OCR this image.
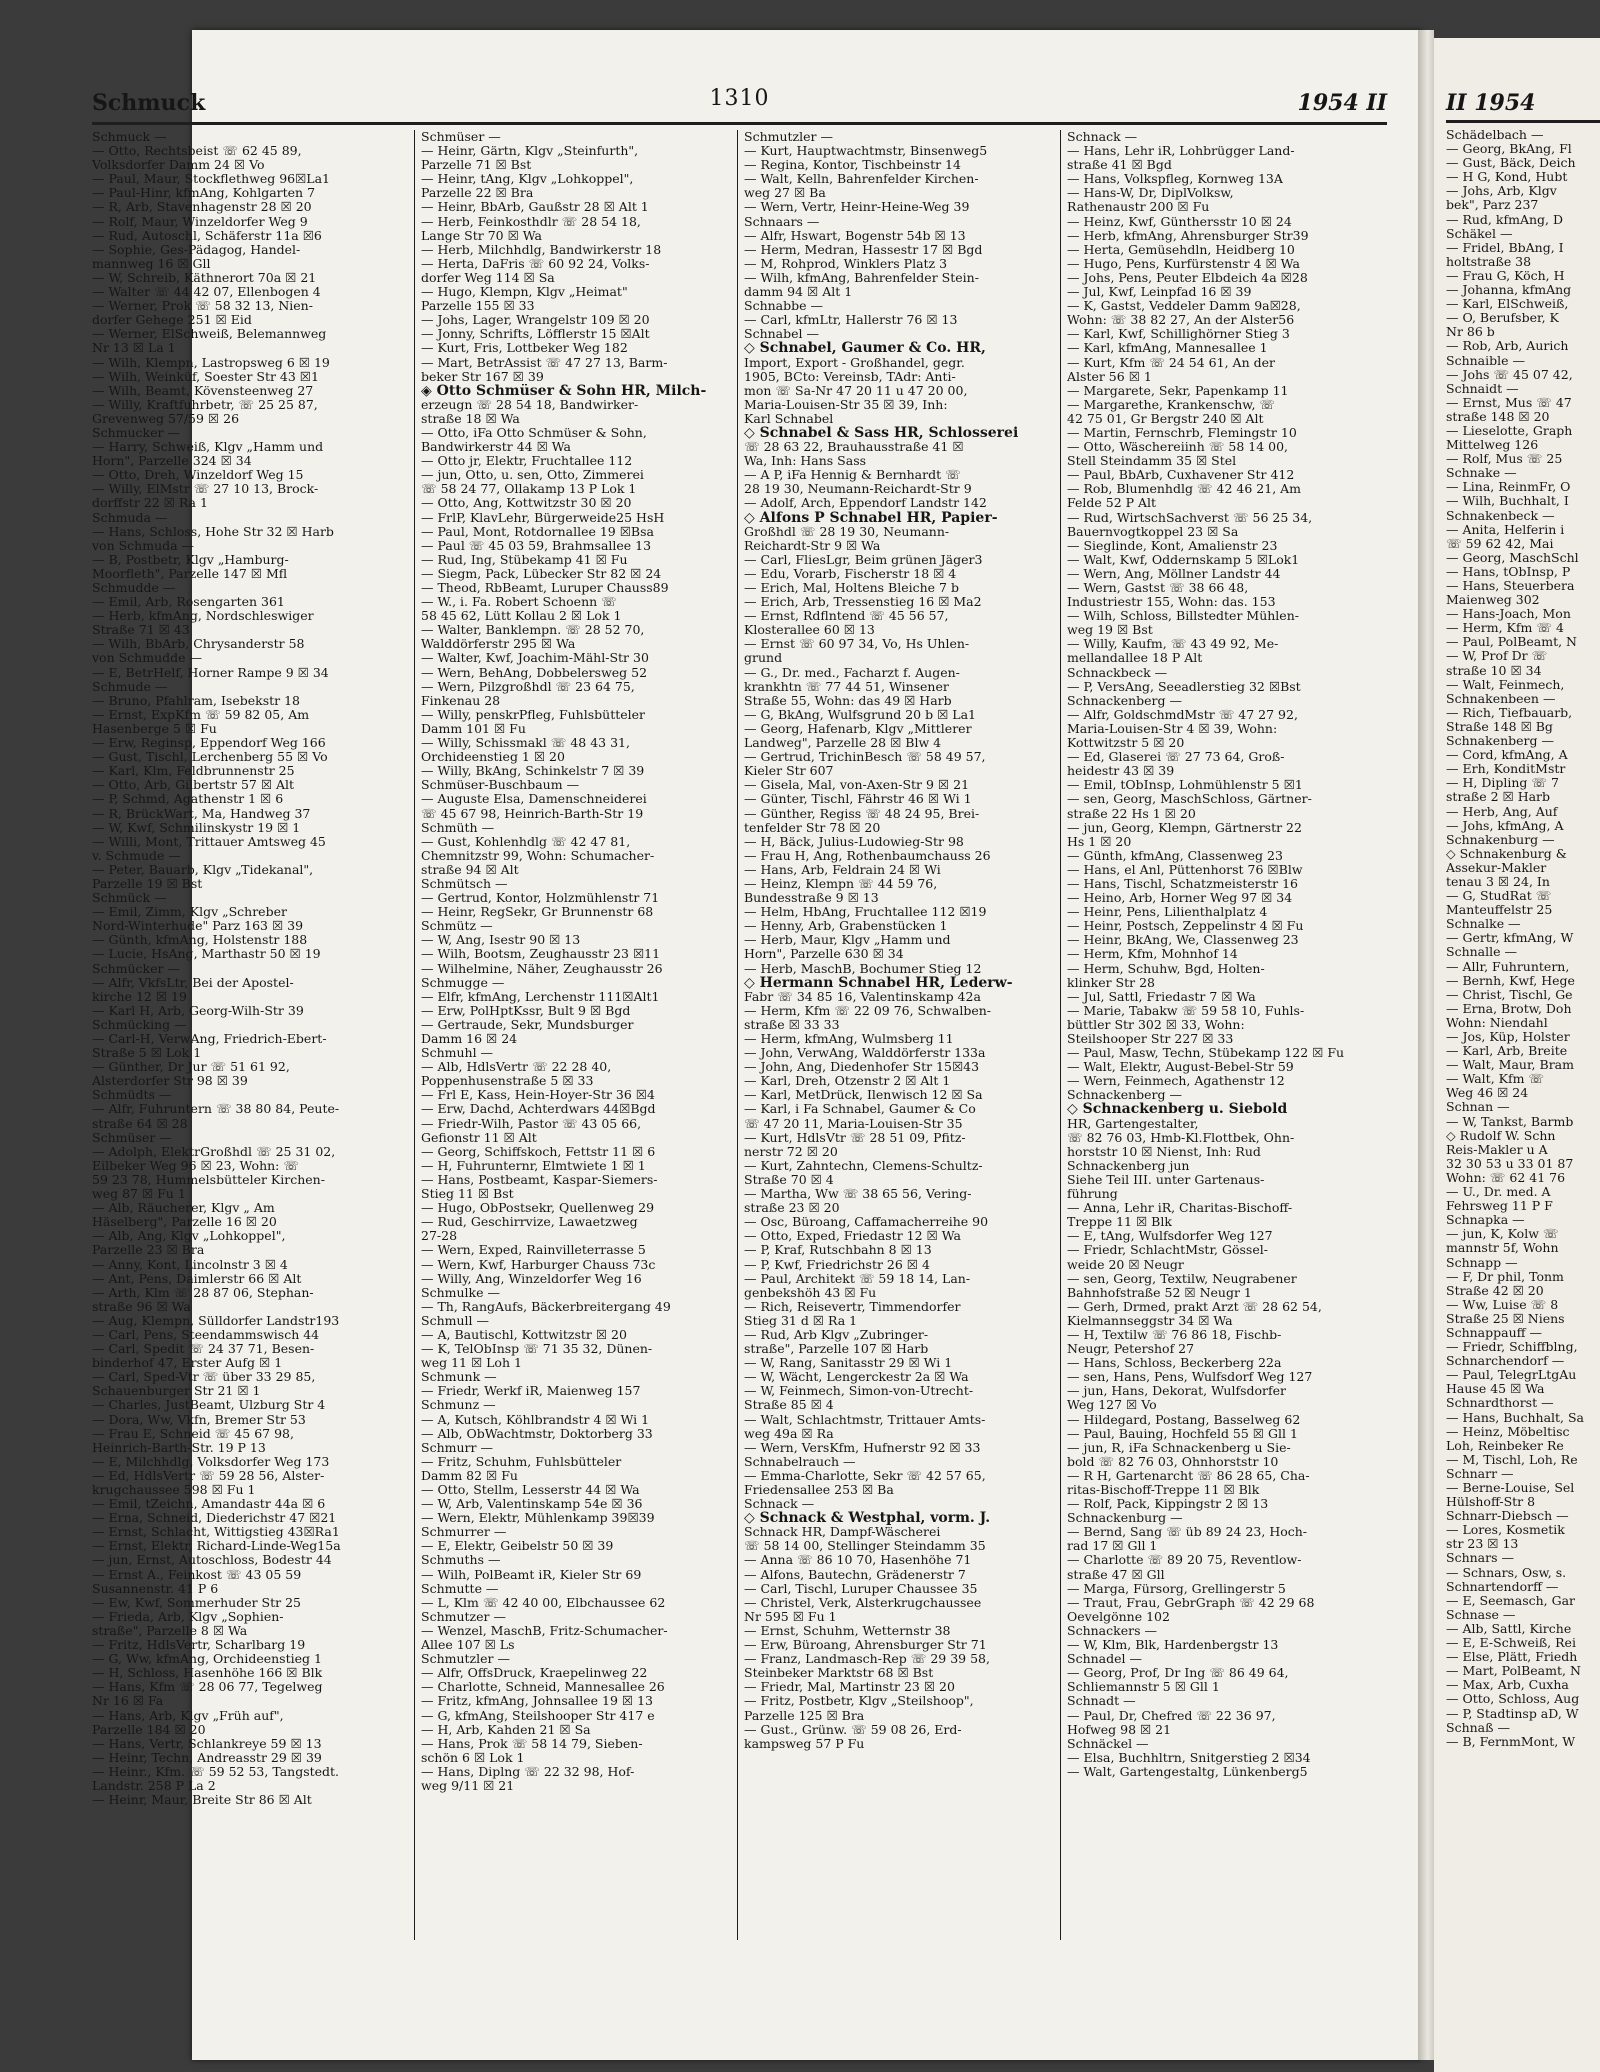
Schmuck	1310	1954 II
Schmuck —
— Otto, Rechtsbeist ☏ 62 45 89,
Volksdorfer Damm 24 ☒ Vo
— Paul, Maur, Stockflethweg 96☒La1
— Paul-Hinr, kfmAng, Kohlgarten 7
— R, Arb, Stavenhagenstr 28 ☒ 20
— Rolf, Maur, Winzeldorfer Weg 9
— Rud, Autoschl, Schäferstr 11a ☒6
— Sophie, Ges-Pädagog, Handel-
mannweg 16 ☒ Gll
— W, Schreib, Käthnerort 70a ☒ 21
— Walter ☏ 44 42 07, Ellenbogen 4
— Werner, Prok ☏ 58 32 13, Nien-
dorfer Gehege 251 ☒ Eid
— Werner, ElSchweiß, Belemannweg
Nr 13 ☒ La 1
— Wilh, Klempn, Lastropsweg 6 ☒ 19
— Wilh, Weinküf, Soester Str 43 ☒1
— Wilh, Beamt, Kövensteenweg 27
— Willy, Kraftfuhrbetr, ☏ 25 25 87,
Grevenweg 57/59 ☒ 26
Schmucker —
— Harry, Schweiß, Klgv „Hamm und
Horn", Parzelle 324 ☒ 34
— Otto, Dreh, Winzeldorf Weg 15
— Willy, ElMstr ☏ 27 10 13, Brock-
dorffstr 22 ☒ Ra 1
Schmuda —
— Hans, Schloss, Hohe Str 32 ☒ Harb
von Schmuda —
— B, Postbetr, Klgv „Hamburg-
Moorfleth", Parzelle 147 ☒ Mfl
Schmudde —
— Emil, Arb, Rosengarten 361
— Herb, kfmAng, Nordschleswiger
Straße 71 ☒ 43
— Wilh, BbArb, Chrysanderstr 58
von Schmudde —
— E, BetrHelf, Horner Rampe 9 ☒ 34
Schmude —
— Bruno, Pfahlram, Isebekstr 18
— Ernst, ExpKfm ☏ 59 82 05, Am
Hasenberge 5 ☒ Fu
— Erw, Reginsp, Eppendorf Weg 166
— Gust, Tischl, Lerchenberg 55 ☒ Vo
— Karl, Klm, Feldbrunnenstr 25
— Otto, Arb, Gilbertstr 57 ☒ Alt
— P, Schmd, Agathenstr 1 ☒ 6
— R, BrückWart, Ma, Handweg 37
— W, Kwf, Schmilinskystr 19 ☒ 1
— Willi, Mont, Trittauer Amtsweg 45
v. Schmude —
— Peter, Bauarb, Klgv „Tidekanal",
Parzelle 19 ☒ Bst
Schmück —
— Emil, Zimm, Klgv „Schreber
Nord-Winterhude" Parz 163 ☒ 39
— Günth, kfmAng, Holstenstr 188
— Lucie, HsAng, Marthastr 50 ☒ 19
Schmücker —
— Alfr, VkfsLtr, Bei der Apostel-
kirche 12 ☒ 19
— Karl H, Arb, Georg-Wilh-Str 39
Schmücking —
— Carl-H, VerwAng, Friedrich-Ebert-
Straße 5 ☒ Lok 1
— Günther, Dr Jur ☏ 51 61 92,
Alsterdorfer Str 98 ☒ 39
Schmüdts —
— Alfr, Fuhruntern ☏ 38 80 84, Peute-
straße 64 ☒ 28
Schmüser —
— Adolph, ElektrGroßhdl ☏ 25 31 02,
Eilbeker Weg 96 ☒ 23, Wohn: ☏
59 23 78, Hummelsbütteler Kirchen-
weg 87 ☒ Fu 1
— Alb, Räucherer, Klgv „ Am
Häselberg", Parzelle 16 ☒ 20
— Alb, Ang, Klgv „Lohkoppel",
Parzelle 23 ☒ Bra
— Anny, Kont, Lincolnstr 3 ☒ 4
— Ant, Pens, Daimlerstr 66 ☒ Alt
— Arth, Klm ☏ 28 87 06, Stephan-
straße 96 ☒ Wa
— Aug, Klempn, Sülldorfer Landstr193
— Carl, Pens, Steendammswisch 44
— Carl, Spedit ☏ 24 37 71, Besen-
binderhof 47, Erster Aufg ☒ 1
— Carl, Sped-Vtr ☏ über 33 29 85,
Schauenburger Str 21 ☒ 1
— Charles, JustBeamt, Ulzburg Str 4
— Dora, Ww, Vkfn, Bremer Str 53
— Frau E, Schneid ☏ 45 67 98,
Heinrich-Barth-Str. 19 P 13
— E, Milchhdlg, Volksdorfer Weg 173
— Ed, HdlsVertr ☏ 59 28 56, Alster-
krugchaussee 598 ☒ Fu 1
— Emil, tZeichn, Amandastr 44a ☒ 6
— Erna, Schneid, Diederichstr 47 ☒21
— Ernst, Schlacht, Wittigstieg 43☒Ra1
— Ernst, Elektr, Richard-Linde-Weg15a
— jun, Ernst, Autoschloss, Bodestr 44
— Ernst A., Feinkost ☏ 43 05 59
Susannenstr. 41 P 6
— Ew, Kwf, Sommerhuder Str 25
— Frieda, Arb, Klgv „Sophien-
straße", Parzelle 8 ☒ Wa
— Fritz, HdlsVertr, Scharlbarg 19
— G, Ww, kfmAng, Orchideenstieg 1
— H, Schloss, Hasenhöhe 166 ☒ Blk
— Hans, Kfm ☏ 28 06 77, Tegelweg
Nr 16 ☒ Fa
— Hans, Arb, Klgv „Früh auf",
Parzelle 184 ☒ 20
— Hans, Vertr, Schlankreye 59 ☒ 13
— Heinr, Techn, Andreasstr 29 ☒ 39
— Heinr., Kfm. ☏ 59 52 53, Tangstedt.
Landstr. 258 P La 2
— Heinr, Maur, Breite Str 86 ☒ Alt
Schmüser —
— Heinr, Gärtn, Klgv „Steinfurth",
Parzelle 71 ☒ Bst
— Heinr, tAng, Klgv „Lohkoppel",
Parzelle 22 ☒ Bra
— Heinr, BbArb, Gaußstr 28 ☒ Alt 1
— Herb, Feinkosthdlr ☏ 28 54 18,
Lange Str 70 ☒ Wa
— Herb, Milchhdlg, Bandwirkerstr 18
— Herta, DaFris ☏ 60 92 24, Volks-
dorfer Weg 114 ☒ Sa
— Hugo, Klempn, Klgv „Heimat"
Parzelle 155 ☒ 33
— Johs, Lager, Wrangelstr 109 ☒ 20
— Jonny, Schrifts, Löfflerstr 15 ☒Alt
— Kurt, Fris, Lottbeker Weg 182
— Mart, BetrAssist ☏ 47 27 13, Barm-
beker Str 167 ☒ 39
◈ Otto Schmüser & Sohn HR, Milch-
erzeugn ☏ 28 54 18, Bandwirker-
straße 18 ☒ Wa
— Otto, iFa Otto Schmüser & Sohn,
Bandwirkerstr 44 ☒ Wa
— Otto jr, Elektr, Fruchtallee 112
— jun, Otto, u. sen, Otto, Zimmerei
☏ 58 24 77, Ollakamp 13 P Lok 1
— Otto, Ang, Kottwitzstr 30 ☒ 20
— FrlP, KlavLehr, Bürgerweide25 HsH
— Paul, Mont, Rotdornallee 19 ☒Bsa
— Paul ☏ 45 03 59, Brahmsallee 13
— Rud, Ing, Stübekamp 41 ☒ Fu
— Siegm, Pack, Lübecker Str 82 ☒ 24
— Theod, RbBeamt, Luruper Chauss89
— W., i. Fa. Robert Schoenn ☏
58 45 62, Lütt Kollau 2 ☒ Lok 1
— Walter, Banklempn. ☏ 28 52 70,
Walddörferstr 295 ☒ Wa
— Walter, Kwf, Joachim-Mähl-Str 30
— Wern, BehAng, Dobbelersweg 52
— Wern, Pilzgroßhdl ☏ 23 64 75,
Finkenau 28
— Willy, penskrPfleg, Fuhlsbütteler
Damm 101 ☒ Fu
— Willy, Schissmakl ☏ 48 43 31,
Orchideenstieg 1 ☒ 20
— Willy, BkAng, Schinkelstr 7 ☒ 39
Schmüser-Buschbaum —
— Auguste Elsa, Damenschneiderei
☏ 45 67 98, Heinrich-Barth-Str 19
Schmüth —
— Gust, Kohlenhdlg ☏ 42 47 81,
Chemnitzstr 99, Wohn: Schumacher-
straße 94 ☒ Alt
Schmütsch —
— Gertrud, Kontor, Holzmühlenstr 71
— Heinr, RegSekr, Gr Brunnenstr 68
Schmütz —
— W, Ang, Isestr 90 ☒ 13
— Wilh, Bootsm, Zeughausstr 23 ☒11
— Wilhelmine, Näher, Zeughausstr 26
Schmugge —
— Elfr, kfmAng, Lerchenstr 111☒Alt1
— Erw, PolHptKssr, Bult 9 ☒ Bgd
— Gertraude, Sekr, Mundsburger
Damm 16 ☒ 24
Schmuhl —
— Alb, HdlsVertr ☏ 22 28 40,
Poppenhusenstraße 5 ☒ 33
— Frl E, Kass, Hein-Hoyer-Str 36 ☒4
— Erw, Dachd, Achterdwars 44☒Bgd
— Friedr-Wilh, Pastor ☏ 43 05 66,
Gefionstr 11 ☒ Alt
— Georg, Schiffskoch, Fettstr 11 ☒ 6
— H, Fuhrunternr, Elmtwiete 1 ☒ 1
— Hans, Postbeamt, Kaspar-Siemers-
Stieg 11 ☒ Bst
— Hugo, ObPostsekr, Quellenweg 29
— Rud, Geschirrvize, Lawaetzweg
27-28
— Wern, Exped, Rainvilleterrasse 5
— Wern, Kwf, Harburger Chauss 73c
— Willy, Ang, Winzeldorfer Weg 16
Schmulke —
— Th, RangAufs, Bäckerbreitergang 49
Schmull —
— A, Bautischl, Kottwitzstr ☒ 20
— K, TelObInsp ☏ 71 35 32, Dünen-
weg 11 ☒ Loh 1
Schmunk —
— Friedr, Werkf iR, Maienweg 157
Schmunz —
— A, Kutsch, Köhlbrandstr 4 ☒ Wi 1
— Alb, ObWachtmstr, Doktorberg 33
Schmurr —
— Fritz, Schuhm, Fuhlsbütteler
Damm 82 ☒ Fu
— Otto, Stellm, Lesserstr 44 ☒ Wa
— W, Arb, Valentinskamp 54e ☒ 36
— Wern, Elektr, Mühlenkamp 39☒39
Schmurrer —
— E, Elektr, Geibelstr 50 ☒ 39
Schmuths —
— Wilh, PolBeamt iR, Kieler Str 69
Schmutte —
— L, Klm ☏ 42 40 00, Elbchaussee 62
Schmutzer —
— Wenzel, MaschB, Fritz-Schumacher-
Allee 107 ☒ Ls
Schmutzler —
— Alfr, OffsDruck, Kraepelinweg 22
— Charlotte, Schneid, Mannesallee 26
— Fritz, kfmAng, Johnsallee 19 ☒ 13
— G, kfmAng, Steilshooper Str 417 e
— H, Arb, Kahden 21 ☒ Sa
— Hans, Prok ☏ 58 14 79, Sieben-
schön 6 ☒ Lok 1
— Hans, Diplng ☏ 22 32 98, Hof-
weg 9/11 ☒ 21
Schmutzler —
— Kurt, Hauptwachtmstr, Binsenweg5
— Regina, Kontor, Tischbeinstr 14
— Walt, Kelln, Bahrenfelder Kirchen-
weg 27 ☒ Ba
— Wern, Vertr, Heinr-Heine-Weg 39
Schnaars —
— Alfr, Hswart, Bogenstr 54b ☒ 13
— Herm, Medran, Hassestr 17 ☒ Bgd
— M, Rohprod, Winklers Platz 3
— Wilh, kfmAng, Bahrenfelder Stein-
damm 94 ☒ Alt 1
Schnabbe —
— Carl, kfmLtr, Hallerstr 76 ☒ 13
Schnabel —
◇ Schnabel, Gaumer & Co. HR,
Import, Export - Großhandel, gegr.
1905, BCto: Vereinsb, TAdr: Anti-
mon ☏ Sa-Nr 47 20 11 u 47 20 00,
Maria-Louisen-Str 35 ☒ 39, Inh:
Karl Schnabel
◇ Schnabel & Sass HR, Schlosserei
☏ 28 63 22, Brauhausstraße 41 ☒
Wa, Inh: Hans Sass
— A P, iFa Hennig & Bernhardt ☏
28 19 30, Neumann-Reichardt-Str 9
— Adolf, Arch, Eppendorf Landstr 142
◇ Alfons P Schnabel HR, Papier-
Großhdl ☏ 28 19 30, Neumann-
Reichardt-Str 9 ☒ Wa
— Carl, FliesLgr, Beim grünen Jäger3
— Edu, Vorarb, Fischerstr 18 ☒ 4
— Erich, Mal, Holtens Bleiche 7 b
— Erich, Arb, Tressenstieg 16 ☒ Ma2
— Ernst, Rdflntend ☏ 45 56 57,
Klosterallee 60 ☒ 13
— Ernst ☏ 60 97 34, Vo, Hs Uhlen-
grund
— G., Dr. med., Facharzt f. Augen-
krankhtn ☏ 77 44 51, Winsener
Straße 55, Wohn: das 49 ☒ Harb
— G, BkAng, Wulfsgrund 20 b ☒ La1
— Georg, Hafenarb, Klgv „Mittlerer
Landweg", Parzelle 28 ☒ Blw 4
— Gertrud, TrichinBesch ☏ 58 49 57,
Kieler Str 607
— Gisela, Mal, von-Axen-Str 9 ☒ 21
— Günter, Tischl, Fährstr 46 ☒ Wi 1
— Günther, Regiss ☏ 48 24 95, Brei-
tenfelder Str 78 ☒ 20
— H, Bäck, Julius-Ludowieg-Str 98
— Frau H, Ang, Rothenbaumchauss 26
— Hans, Arb, Feldrain 24 ☒ Wi
— Heinz, Klempn ☏ 44 59 76,
Bundesstraße 9 ☒ 13
— Helm, HbAng, Fruchtallee 112 ☒19
— Henny, Arb, Grabenstücken 1
— Herb, Maur, Klgv „Hamm und
Horn", Parzelle 630 ☒ 34
— Herb, MaschB, Bochumer Stieg 12
◇ Hermann Schnabel HR, Lederw-
Fabr ☏ 34 85 16, Valentinskamp 42a
— Herm, Kfm ☏ 22 09 76, Schwalben-
straße ☒ 33 33
— Herm, kfmAng, Wulmsberg 11
— John, VerwAng, Walddörferstr 133a
— John, Ang, Diedenhofer Str 15☒43
— Karl, Dreh, Otzenstr 2 ☒ Alt 1
— Karl, MetDrück, Ilenwisch 12 ☒ Sa
— Karl, i Fa Schnabel, Gaumer & Co
☏ 47 20 11, Maria-Louisen-Str 35
— Kurt, HdlsVtr ☏ 28 51 09, Pfitz-
nerstr 72 ☒ 20
— Kurt, Zahntechn, Clemens-Schultz-
Straße 70 ☒ 4
— Martha, Ww ☏ 38 65 56, Vering-
straße 23 ☒ 20
— Osc, Büroang, Caffamacherreihe 90
— Otto, Exped, Friedastr 12 ☒ Wa
— P, Kraf, Rutschbahn 8 ☒ 13
— P, Kwf, Friedrichstr 26 ☒ 4
— Paul, Architekt ☏ 59 18 14, Lan-
genbekshöh 43 ☒ Fu
— Rich, Reisevertr, Timmendorfer
Stieg 31 d ☒ Ra 1
— Rud, Arb Klgv „Zubringer-
straße", Parzelle 107 ☒ Harb
— W, Rang, Sanitasstr 29 ☒ Wi 1
— W, Wächt, Lengerckestr 2a ☒ Wa
— W, Feinmech, Simon-von-Utrecht-
Straße 85 ☒ 4
— Walt, Schlachtmstr, Trittauer Amts-
weg 49a ☒ Ra
— Wern, VersKfm, Hufnerstr 92 ☒ 33
Schnabelrauch —
— Emma-Charlotte, Sekr ☏ 42 57 65,
Friedensallee 253 ☒ Ba
Schnack —
◇ Schnack & Westphal, vorm. J.
Schnack HR, Dampf-Wäscherei
☏ 58 14 00, Stellinger Steindamm 35
— Anna ☏ 86 10 70, Hasenhöhe 71
— Alfons, Bautechn, Grädenerstr 7
— Carl, Tischl, Luruper Chaussee 35
— Christel, Verk, Alsterkrugchaussee
Nr 595 ☒ Fu 1
— Ernst, Schuhm, Wetternstr 38
— Erw, Büroang, Ahrensburger Str 71
— Franz, Landmasch-Rep ☏ 29 39 58,
Steinbeker Marktstr 68 ☒ Bst
— Friedr, Mal, Martinstr 23 ☒ 20
— Fritz, Postbetr, Klgv „Steilshoop",
Parzelle 125 ☒ Bra
— Gust., Grünw. ☏ 59 08 26, Erd-
kampsweg 57 P Fu
Schnack —
— Hans, Lehr iR, Lohbrügger Land-
straße 41 ☒ Bgd
— Hans, Volkspfleg, Kornweg 13A
— Hans-W, Dr, DiplVolksw,
Rathenaustr 200 ☒ Fu
— Heinz, Kwf, Günthersstr 10 ☒ 24
— Herb, kfmAng, Ahrensburger Str39
— Herta, Gemüsehdln, Heidberg 10
— Hugo, Pens, Kurfürstenstr 4 ☒ Wa
— Johs, Pens, Peuter Elbdeich 4a ☒28
— Jul, Kwf, Leinpfad 16 ☒ 39
— K, Gastst, Veddeler Damm 9a☒28,
Wohn: ☏ 38 82 27, An der Alster56
— Karl, Kwf, Schillighörner Stieg 3
— Karl, kfmAng, Mannesallee 1
— Kurt, Kfm ☏ 24 54 61, An der
Alster 56 ☒ 1
— Margarete, Sekr, Papenkamp 11
— Margarethe, Krankenschw, ☏
42 75 01, Gr Bergstr 240 ☒ Alt
— Martin, Fernschrb, Flemingstr 10
— Otto, Wäschereiinh ☏ 58 14 00,
Stell Steindamm 35 ☒ Stel
— Paul, BbArb, Cuxhavener Str 412
— Rob, Blumenhdlg ☏ 42 46 21, Am
Felde 52 P Alt
— Rud, WirtschSachverst ☏ 56 25 34,
Bauernvogtkoppel 23 ☒ Sa
— Sieglinde, Kont, Amalienstr 23
— Walt, Kwf, Oddernskamp 5 ☒Lok1
— Wern, Ang, Möllner Landstr 44
— Wern, Gastst ☏ 38 66 48,
Industriestr 155, Wohn: das. 153
— Wilh, Schloss, Billstedter Mühlen-
weg 19 ☒ Bst
— Willy, Kaufm, ☏ 43 49 92, Me-
mellandallee 18 P Alt
Schnackbeck —
— P, VersAng, Seeadlerstieg 32 ☒Bst
Schnackenberg —
— Alfr, GoldschmdMstr ☏ 47 27 92,
Maria-Louisen-Str 4 ☒ 39, Wohn:
Kottwitzstr 5 ☒ 20
— Ed, Glaserei ☏ 27 73 64, Groß-
heidestr 43 ☒ 39
— Emil, tObInsp, Lohmühlenstr 5 ☒1
— sen, Georg, MaschSchloss, Gärtner-
straße 22 Hs 1 ☒ 20
— jun, Georg, Klempn, Gärtnerstr 22
Hs 1 ☒ 20
— Günth, kfmAng, Classenweg 23
— Hans, el Anl, Püttenhorst 76 ☒Blw
— Hans, Tischl, Schatzmeisterstr 16
— Heino, Arb, Horner Weg 97 ☒ 34
— Heinr, Pens, Lilienthalplatz 4
— Heinr, Postsch, Zeppelinstr 4 ☒ Fu
— Heinr, BkAng, We, Classenweg 23
— Herm, Kfm, Mohnhof 14
— Herm, Schuhw, Bgd, Holten-
klinker Str 28
— Jul, Sattl, Friedastr 7 ☒ Wa
— Marie, Tabakw ☏ 59 58 10, Fuhls-
büttler Str 302 ☒ 33, Wohn:
Steilshooper Str 227 ☒ 33
— Paul, Masw, Techn, Stübekamp 122 ☒ Fu
— Walt, Elektr, August-Bebel-Str 59
— Wern, Feinmech, Agathenstr 12
Schnackenberg —
◇ Schnackenberg u. Siebold
HR, Gartengestalter,
☏ 82 76 03, Hmb-Kl.Flottbek, Ohn-
horststr 10 ☒ Nienst, Inh: Rud
Schnackenberg jun
Siehe Teil III. unter Gartenaus-
führung
— Anna, Lehr iR, Charitas-Bischoff-
Treppe 11 ☒ Blk
— E, tAng, Wulfsdorfer Weg 127
— Friedr, SchlachtMstr, Gössel-
weide 20 ☒ Neugr
— sen, Georg, Textilw, Neugrabener
Bahnhofstraße 52 ☒ Neugr 1
— Gerh, Drmed, prakt Arzt ☏ 28 62 54,
Kielmannseggstr 34 ☒ Wa
— H, Textilw ☏ 76 86 18, Fischb-
Neugr, Petershof 27
— Hans, Schloss, Beckerberg 22a
— sen, Hans, Pens, Wulfsdorf Weg 127
— jun, Hans, Dekorat, Wulfsdorfer
Weg 127 ☒ Vo
— Hildegard, Postang, Basselweg 62
— Paul, Bauing, Hochfeld 55 ☒ Gll 1
— jun, R, iFa Schnackenberg u Sie-
bold ☏ 82 76 03, Ohnhorststr 10
— R H, Gartenarcht ☏ 86 28 65, Cha-
ritas-Bischoff-Treppe 11 ☒ Blk
— Rolf, Pack, Kippingstr 2 ☒ 13
Schnackenburg —
— Bernd, Sang ☏ üb 89 24 23, Hoch-
rad 17 ☒ Gll 1
— Charlotte ☏ 89 20 75, Reventlow-
straße 47 ☒ Gll
— Marga, Fürsorg, Grellingerstr 5
— Traut, Frau, GebrGraph ☏ 42 29 68
Oevelgönne 102
Schnackers —
— W, Klm, Blk, Hardenbergstr 13
Schnadel —
— Georg, Prof, Dr Ing ☏ 86 49 64,
Schliemannstr 5 ☒ Gll 1
Schnadt —
— Paul, Dr, Chefred ☏ 22 36 97,
Hofweg 98 ☒ 21
Schnäckel —
— Elsa, Buchhltrn, Snitgerstieg 2 ☒34
— Walt, Gartengestaltg, Lünkenberg5
II 1954
Schädelbach —
— Georg, BkAng, Fl
— Gust, Bäck, Deich
— H G, Kond, Hubt
— Johs, Arb, Klgv
bek", Parz 237
— Rud, kfmAng, D
Schäkel —
— Fridel, BbAng, I
holtstraße 38
— Frau G, Köch, H
— Johanna, kfmAng
— Karl, ElSchweiß,
— O, Berufsber, K
Nr 86 b
— Rob, Arb, Aurich
Schnaible —
— Johs ☏ 45 07 42,
Schnaidt —
— Ernst, Mus ☏ 47
straße 148 ☒ 20
— Lieselotte, Graph
Mittelweg 126
— Rolf, Mus ☏ 25
Schnake —
— Lina, ReinmFr, O
— Wilh, Buchhalt, I
Schnakenbeck —
— Anita, Helferin i
☏ 59 62 42, Mai
— Georg, MaschSchl
— Hans, tObInsp, P
— Hans, Steuerbera
Maienweg 302
— Hans-Joach, Mon
— Herm, Kfm ☏ 4
— Paul, PolBeamt, N
— W, Prof Dr ☏
straße 10 ☒ 34
— Walt, Feinmech,
Schnakenbeen —
— Rich, Tiefbauarb,
Straße 148 ☒ Bg
Schnakenberg —
— Cord, kfmAng, A
— Erh, KonditMstr
— H, Dipling ☏ 7
straße 2 ☒ Harb
— Herb, Ang, Auf
— Johs, kfmAng, A
Schnakenburg —
◇ Schnakenburg &
Assekur-Makler
tenau 3 ☒ 24, In
— G, StudRat ☏
Manteuffelstr 25
Schnalke —
— Gertr, kfmAng, W
Schnalle —
— Allr, Fuhruntern,
— Bernh, Kwf, Hege
— Christ, Tischl, Ge
— Erna, Brotw, Doh
Wohn: Niendahl
— Jos, Küp, Holster
— Karl, Arb, Breite
— Walt, Maur, Bram
— Walt, Kfm ☏
Weg 46 ☒ 24
Schnan —
— W, Tankst, Barmb
◇ Rudolf W. Schn
Reis-Makler u A
32 30 53 u 33 01 87
Wohn: ☏ 62 41 76
— U., Dr. med. A
Fehrsweg 11 P F
Schnapka —
— jun, K, Kolw ☏
mannstr 5f, Wohn
Schnapp —
— F, Dr phil, Tonm
Straße 42 ☒ 20
— Ww, Luise ☏ 8
Straße 25 ☒ Niens
Schnappauff —
— Friedr, Schiffblng,
Schnarchendorf —
— Paul, TelegrLtgAu
Hause 45 ☒ Wa
Schnardthorst —
— Hans, Buchhalt, Sa
— Heinz, Möbeltisc
Loh, Reinbeker Re
— M, Tischl, Loh, Re
Schnarr —
— Berne-Louise, Sel
Hülshoff-Str 8
Schnarr-Diebsch —
— Lores, Kosmetik
str 23 ☒ 13
Schnars —
— Schnars, Osw, s.
Schnartendorff —
— E, Seemasch, Gar
Schnase —
— Alb, Sattl, Kirche
— E, E-Schweiß, Rei
— Else, Plätt, Friedh
— Mart, PolBeamt, N
— Max, Arb, Cuxha
— Otto, Schloss, Aug
— P, Stadtinsp aD, W
Schnaß —
— B, FernmMont, W
